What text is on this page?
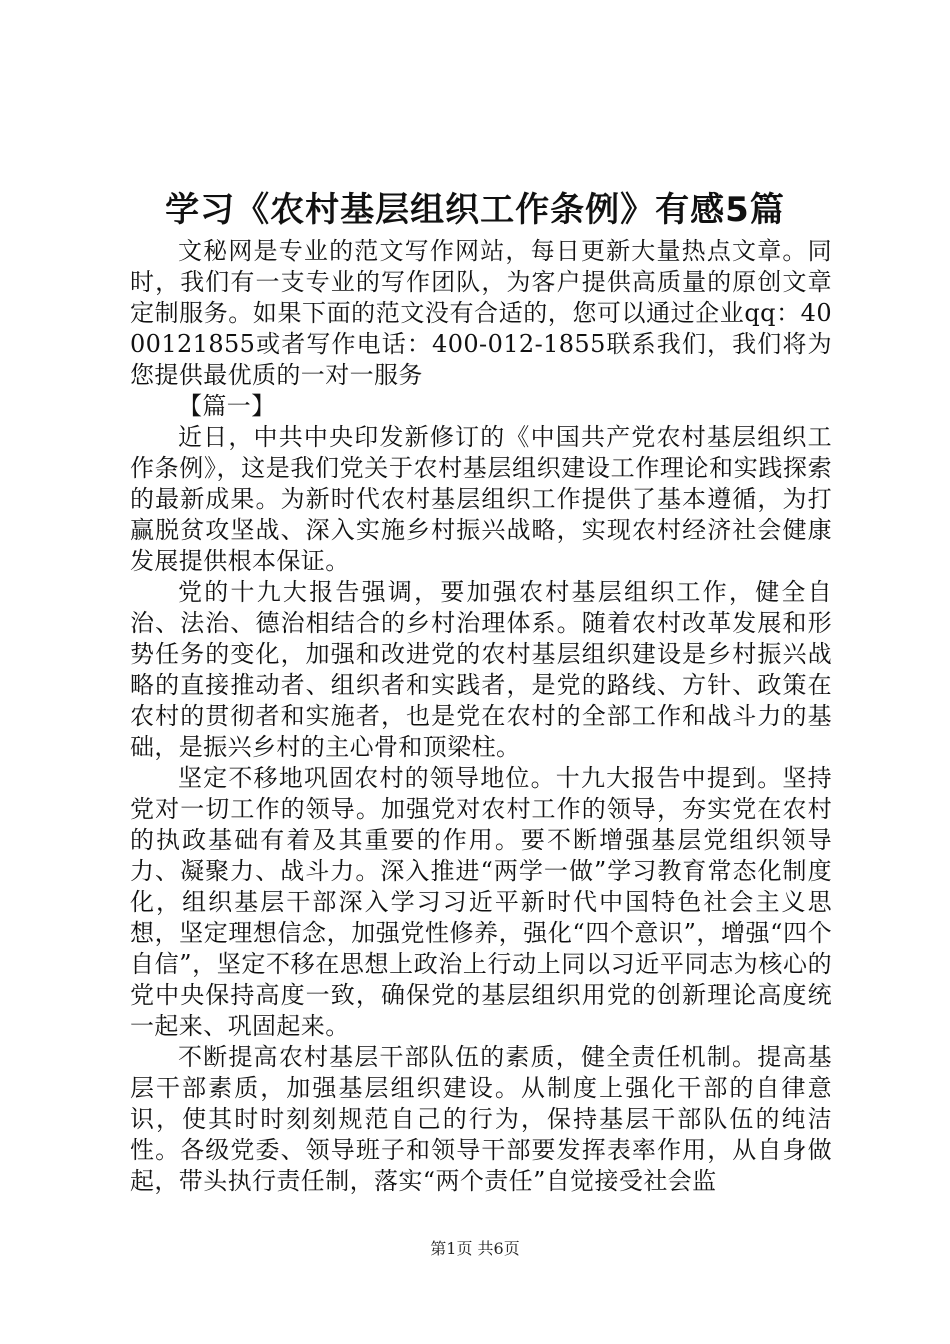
学习《农村基层组织工作条例》有感5篇

文秘网是专业的范文写作网站，每日更新大量热点文章。同时，我们有一支专业的写作团队，为客户提供高质量的原创文章定制服务。如果下面的范文没有合适的，您可以通过企业qq：4000121855或者写作电话：400-012-1855联系我们，我们将为您提供最优质的一对一服务

【篇一】

近日，中共中央印发新修订的《中国共产党农村基层组织工作条例》，这是我们党关于农村基层组织建设工作理论和实践探索的最新成果。为新时代农村基层组织工作提供了基本遵循，为打赢脱贫攻坚战、深入实施乡村振兴战略，实现农村经济社会健康发展提供根本保证。

党的十九大报告强调，要加强农村基层组织工作，健全自治、法治、德治相结合的乡村治理体系。随着农村改革发展和形势任务的变化，加强和改进党的农村基层组织建设是乡村振兴战略的直接推动者、组织者和实践者，是党的路线、方针、政策在农村的贯彻者和实施者，也是党在农村的全部工作和战斗力的基础，是振兴乡村的主心骨和顶梁柱。

坚定不移地巩固农村的领导地位。十九大报告中提到。坚持党对一切工作的领导。加强党对农村工作的领导，夯实党在农村的执政基础有着及其重要的作用。要不断增强基层党组织领导力、凝聚力、战斗力。深入推进“两学一做”学习教育常态化制度化，组织基层干部深入学习习近平新时代中国特色社会主义思想，坚定理想信念，加强党性修养，强化“四个意识”，增强“四个自信”，坚定不移在思想上政治上行动上同以习近平同志为核心的党中央保持高度一致，确保党的基层组织用党的创新理论高度统一起来、巩固起来。

不断提高农村基层干部队伍的素质，健全责任机制。提高基层干部素质，加强基层组织建设。从制度上强化干部的自律意识，使其时时刻刻规范自己的行为，保持基层干部队伍的纯洁性。各级党委、领导班子和领导干部要发挥表率作用，从自身做起，带头执行责任制，落实“两个责任”自觉接受社会监

第1页 共6页
